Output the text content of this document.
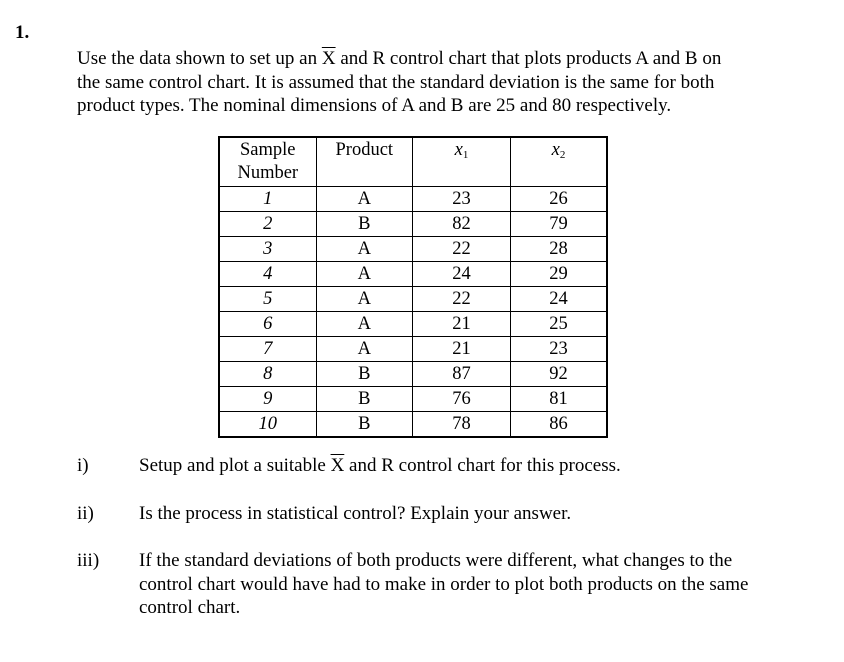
1.

Use the data shown to set up an $\overline{X}$ and R control chart that plots products A and B on

the same control chart. It is assumed that the standard deviation is the same for both

product types. The nominal dimensions of A and B are 25 and 80 respectively.

Sample
Number	Product	$x_1$	$x_2$
1	A	23	26
2	B	82	79
3	A	22	28
4	A	24	29
5	A	22	24
6	A	21	25
7	A	21	23
8	B	87	92
9	B	76	81
10	B	78	86
i)	Setup and plot a suitable $\overline{X}$ and R control chart for this process.
ii) Is the process in statistical control? Explain your answer.
iii) If the standard deviations of both products were different, what changes to the
control chart would have had to make in order to plot both products on the same
control chart.
